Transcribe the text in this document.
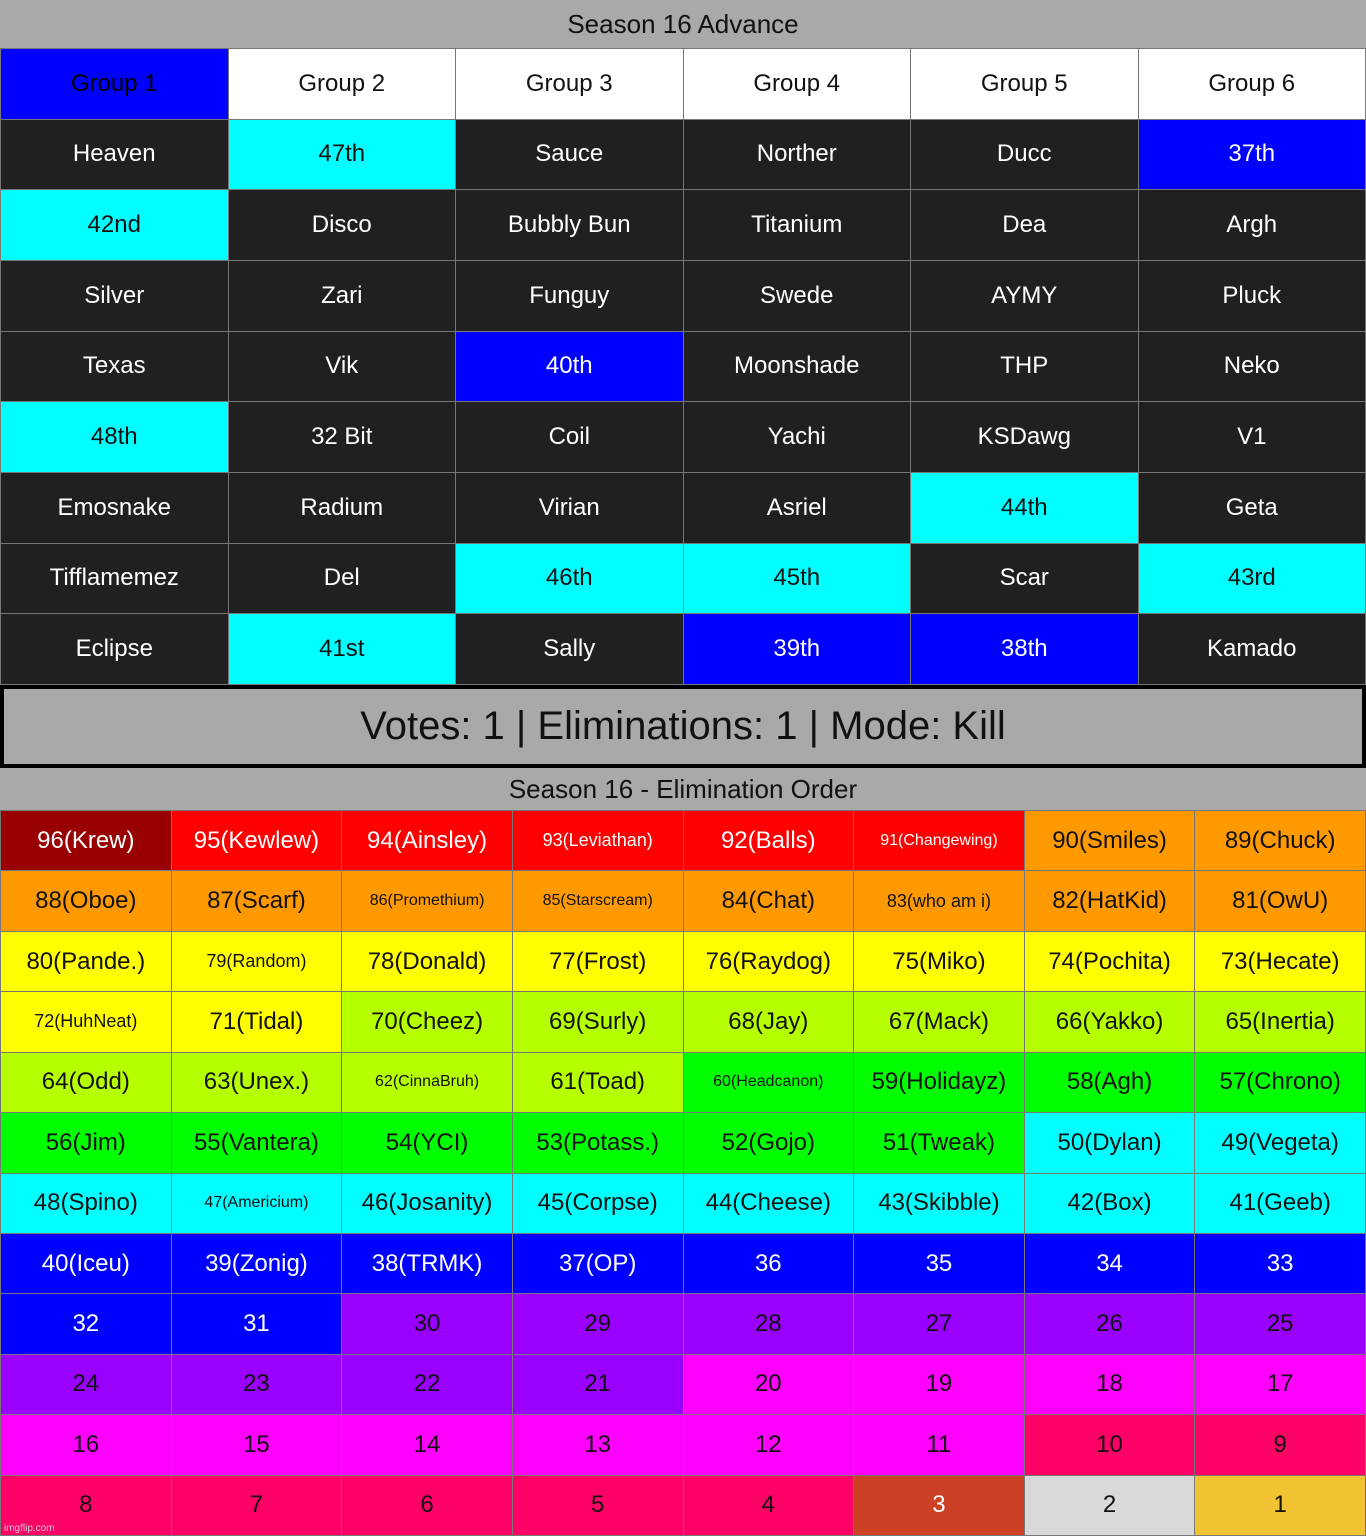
Season 16 Advance
Group 1	Group 2	Group 3	Group 4	Group 5	Group 6
Heaven	47th	Sauce	Norther	Ducc	37th
42nd	Disco	Bubbly Bun	Titanium	Dea	Argh
Silver	Zari	Funguy	Swede	AYMY	Pluck
Texas	Vik	40th	Moonshade	THP	Neko
48th	32 Bit	Coil	Yachi	KSDawg	V1
Emosnake	Radium	Virian	Asriel	44th	Geta
Tifflamemez	Del	46th	45th	Scar	43rd
Eclipse	41st	Sally	39th	38th	Kamado
Votes: 1 | Eliminations: 1 | Mode: Kill
Season 16 - Elimination Order
96(Krew)	95(Kewlew)	94(Ainsley)	93(Leviathan)	92(Balls)	91(Changewing)	90(Smiles)	89(Chuck)
88(Oboe)	87(Scarf)	86(Promethium)	85(Starscream)	84(Chat)	83(who am i)	82(HatKid)	81(OwU)
80(Pande.)	79(Random)	78(Donald)	77(Frost)	76(Raydog)	75(Miko)	74(Pochita)	73(Hecate)
72(HuhNeat)	71(Tidal)	70(Cheez)	69(Surly)	68(Jay)	67(Mack)	66(Yakko)	65(Inertia)
64(Odd)	63(Unex.)	62(CinnaBruh)	61(Toad)	60(Headcanon)	59(Holidayz)	58(Agh)	57(Chrono)
56(Jim)	55(Vantera)	54(YCI)	53(Potass.)	52(Gojo)	51(Tweak)	50(Dylan)	49(Vegeta)
48(Spino)	47(Americium)	46(Josanity)	45(Corpse)	44(Cheese)	43(Skibble)	42(Box)	41(Geeb)
40(Iceu)	39(Zonig)	38(TRMK)	37(OP)	36	35	34	33
32	31	30	29	28	27	26	25
24	23	22	21	20	19	18	17
16	15	14	13	12	11	10	9
8	7	6	5	4	3	2	1
imgflip.com
